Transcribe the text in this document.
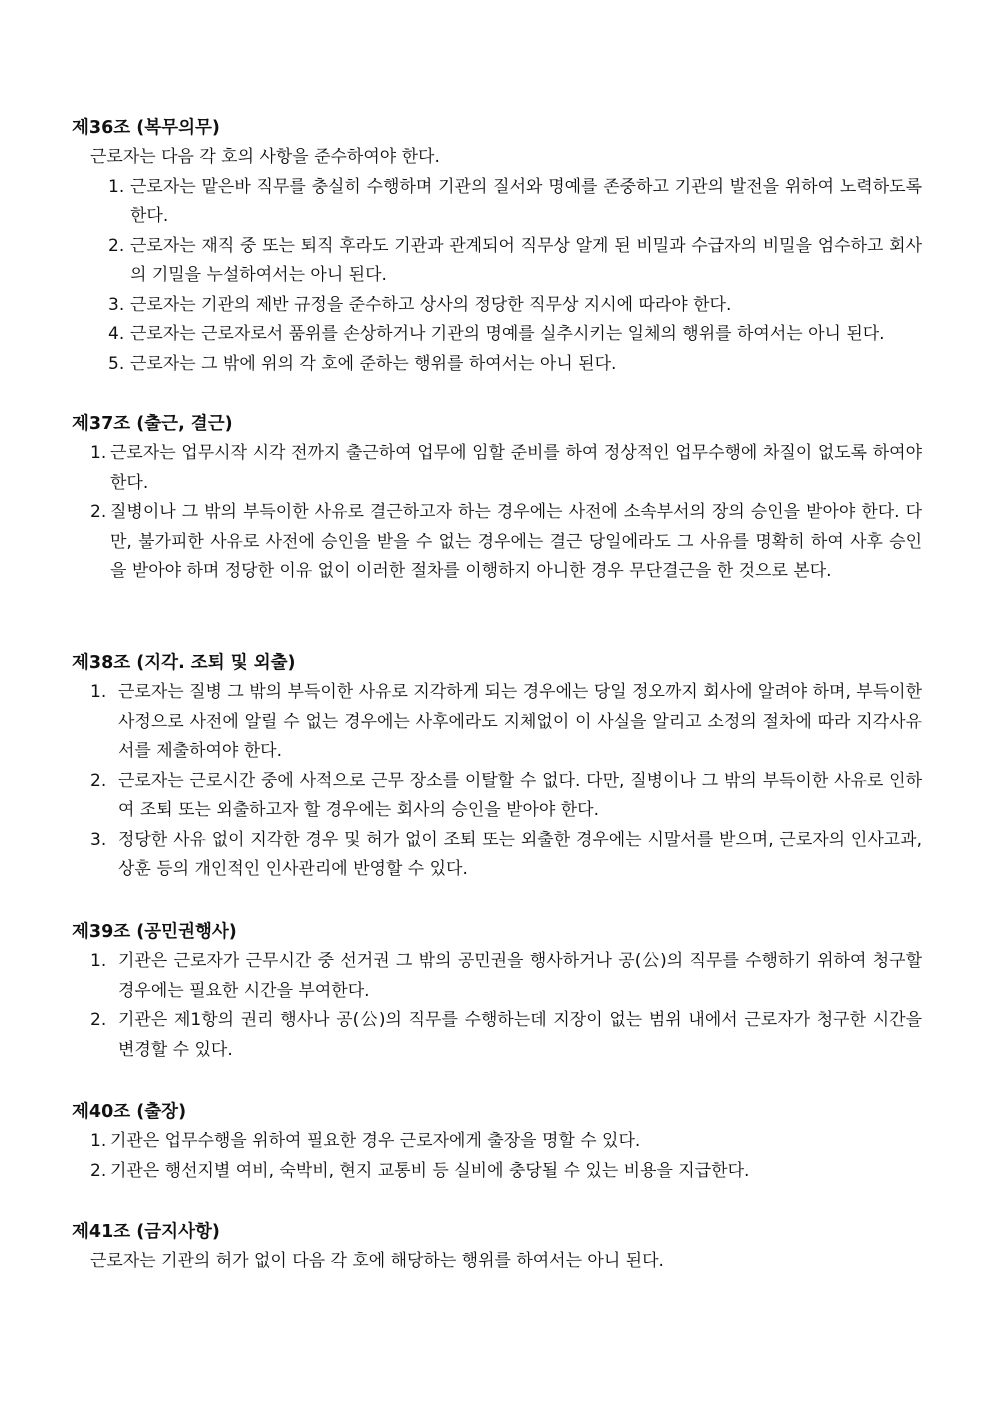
제36조 (복무의무)
근로자는 다음 각 호의 사항을 준수하여야 한다.
1. 근로자는 맡은바 직무를 충실히 수행하며 기관의 질서와 명예를 존중하고 기관의 발전을 위하여 노력하도록 한다.
2. 근로자는 재직 중 또는 퇴직 후라도 기관과 관계되어 직무상 알게 된 비밀과 수급자의 비밀을 엄수하고 회사의 기밀을 누설하여서는 아니 된다.
3. 근로자는 기관의 제반 규정을 준수하고 상사의 정당한 직무상 지시에 따라야 한다.
4. 근로자는 근로자로서 품위를 손상하거나 기관의 명예를 실추시키는 일체의 행위를 하여서는 아니 된다.
5. 근로자는 그 밖에 위의 각 호에 준하는 행위를 하여서는 아니 된다.
제37조 (출근, 결근)
1. 근로자는 업무시작 시각 전까지 출근하여 업무에 임할 준비를 하여 정상적인 업무수행에 차질이 없도록 하여야 한다.
2. 질병이나 그 밖의 부득이한 사유로 결근하고자 하는 경우에는 사전에 소속부서의 장의 승인을 받아야 한다. 다만, 불가피한 사유로 사전에 승인을 받을 수 없는 경우에는 결근 당일에라도 그 사유를 명확히 하여 사후 승인을 받아야 하며 정당한 이유 없이 이러한 절차를 이행하지 아니한 경우 무단결근을 한 것으로 본다.
제38조 (지각. 조퇴 및 외출)
1. 근로자는 질병 그 밖의 부득이한 사유로 지각하게 되는 경우에는 당일 정오까지 회사에 알려야 하며, 부득이한 사정으로 사전에 알릴 수 없는 경우에는 사후에라도 지체없이 이 사실을 알리고 소정의 절차에 따라 지각사유서를 제출하여야 한다.
2. 근로자는 근로시간 중에 사적으로 근무 장소를 이탈할 수 없다. 다만, 질병이나 그 밖의 부득이한 사유로 인하여 조퇴 또는 외출하고자 할 경우에는 회사의 승인을 받아야 한다.
3. 정당한 사유 없이 지각한 경우 및 허가 없이 조퇴 또는 외출한 경우에는 시말서를 받으며, 근로자의 인사고과, 상훈 등의 개인적인 인사관리에 반영할 수 있다.
제39조 (공민권행사)
1. 기관은 근로자가 근무시간 중 선거권 그 밖의 공민권을 행사하거나 공(公)의 직무를 수행하기 위하여 청구할 경우에는 필요한 시간을 부여한다.
2. 기관은 제1항의 권리 행사나 공(公)의 직무를 수행하는데 지장이 없는 범위 내에서 근로자가 청구한 시간을 변경할 수 있다.
제40조 (출장)
1. 기관은 업무수행을 위하여 필요한 경우 근로자에게 출장을 명할 수 있다.
2. 기관은 행선지별 여비, 숙박비, 현지 교통비 등 실비에 충당될 수 있는 비용을 지급한다.
제41조 (금지사항)
근로자는 기관의 허가 없이 다음 각 호에 해당하는 행위를 하여서는 아니 된다.
